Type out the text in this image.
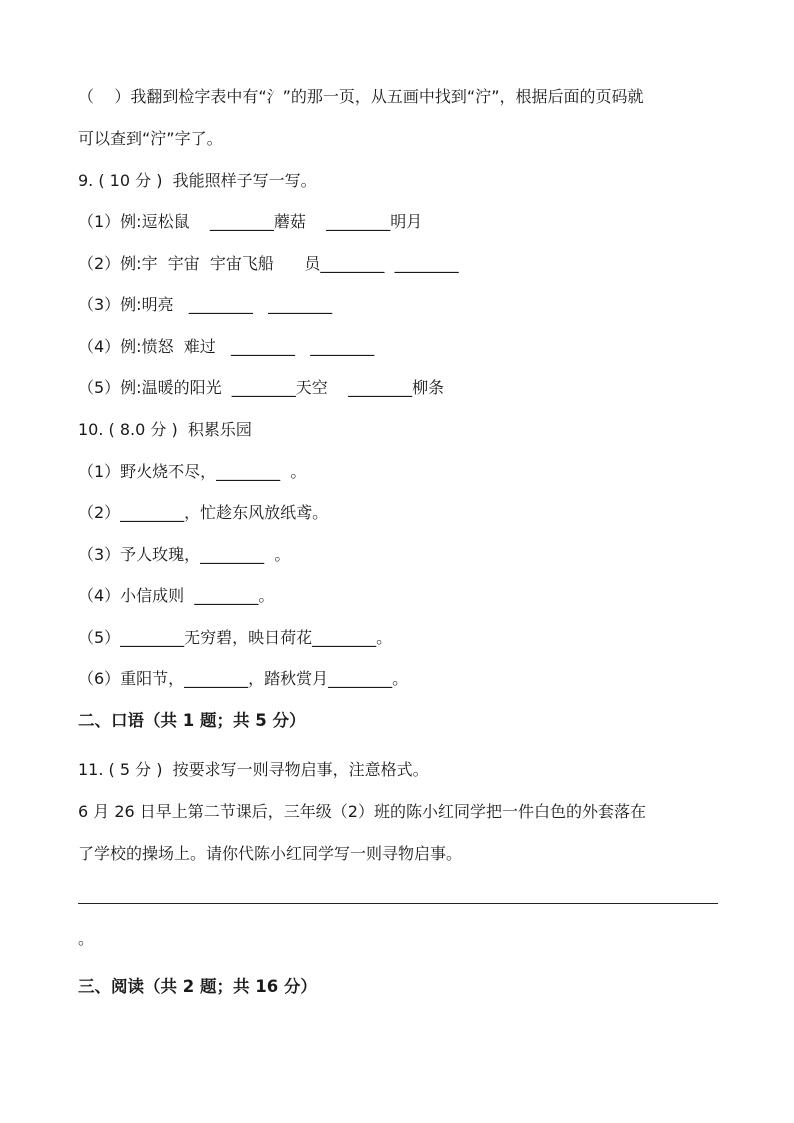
（    ）我翻到检字表中有“氵”的那一页，从五画中找到“泞”，根据后面的页码就
可以查到“泞”字了。
9. ( 10 分 )  我能照样子写一写。
（1）例:逗松鼠    ________蘑菇    ________明月
（2）例:宇  宇宙  宇宙飞船      员________  ________
（3）例:明亮   ________   ________
（4）例:愤怒  难过   ________   ________
（5）例:温暖的阳光  ________天空    ________柳条
10. ( 8.0 分 )  积累乐园
（1）野火烧不尽，________  。
（2）________，忙趁东风放纸鸢。
（3）予人玫瑰，________  。
（4）小信成则  ________。
（5）________无穷碧，映日荷花________。
（6）重阳节，________，踏秋赏月________。
二、口语（共 1 题；共 5 分）
11. ( 5 分 )  按要求写一则寻物启事，注意格式。
6 月 26 日早上第二节课后，三年级（2）班的陈小红同学把一件白色的外套落在
了学校的操场上。请你代陈小红同学写一则寻物启事。
。
三、阅读（共 2 题；共 16 分）
